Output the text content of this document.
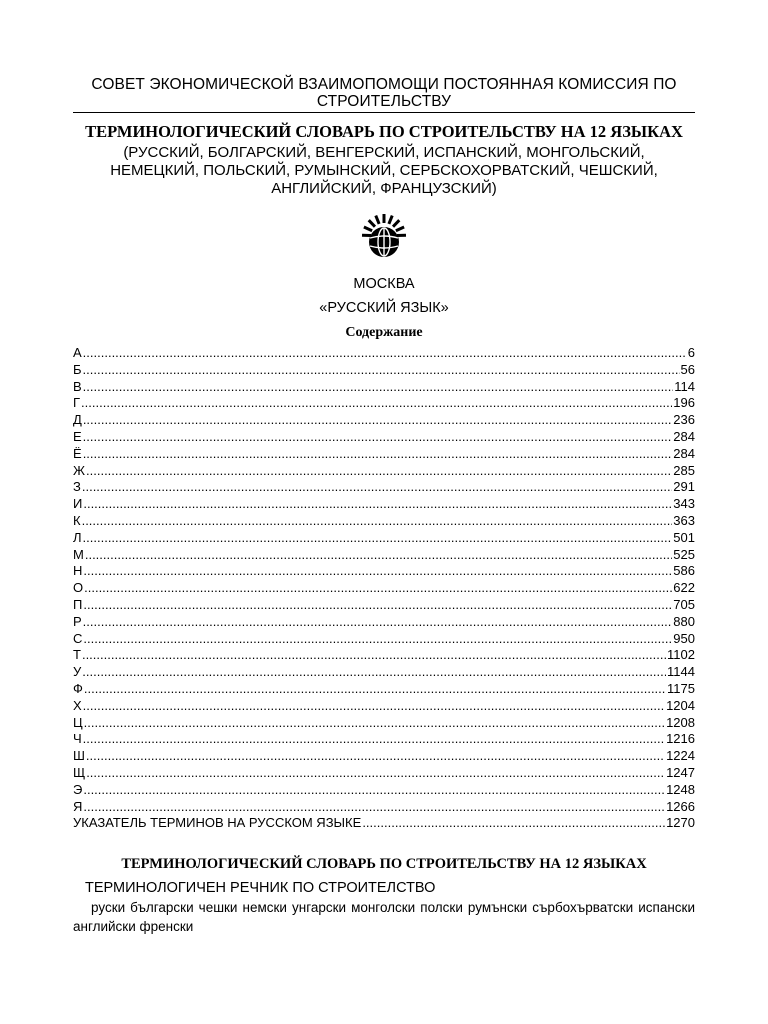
СОВЕТ ЭКОНОМИЧЕСКОЙ ВЗАИМОПОМОЩИ ПОСТОЯННАЯ КОМИССИЯ ПО СТРОИТЕЛЬСТВУ
ТЕРМИНОЛОГИЧЕСКИЙ СЛОВАРЬ ПО СТРОИТЕЛЬСТВУ НА 12 ЯЗЫКАХ
(РУССКИЙ, БОЛГАРСКИЙ, ВЕНГЕРСКИЙ, ИСПАНСКИЙ, МОНГОЛЬСКИЙ, НЕМЕЦКИЙ, ПОЛЬСКИЙ, РУМЫНСКИЙ, СЕРБСКОХОРВАТСКИЙ, ЧЕШСКИЙ, АНГЛИЙСКИЙ, ФРАНЦУЗСКИЙ)
МОСКВА
«РУССКИЙ ЯЗЫК»
Содержание
А .....	6
Б .....	56
В .....	114
Г .....	196
Д .....	236
Е .....	284
Ё .....	284
Ж .....	285
З .....	291
И .....	343
К .....	363
Л .....	501
М .....	525
Н .....	586
О .....	622
П .....	705
Р .....	880
С .....	950
Т .....	1102
У .....	1144
Ф .....	1175
Х .....	1204
Ц .....	1208
Ч .....	1216
Ш .....	1224
Щ .....	1247
Э .....	1248
Я .....	1266
УКАЗАТЕЛЬ ТЕРМИНОВ НА РУССКОМ ЯЗЫКЕ .....	1270
ТЕРМИНОЛОГИЧЕСКИЙ СЛОВАРЬ ПО СТРОИТЕЛЬСТВУ НА 12 ЯЗЫКАХ
ТЕРМИНОЛОГИЧЕН РЕЧНИК ПО СТРОИТЕЛСТВО
руски български чешки немски унгарски монголски полски румънски сърбохърватски испански английски френски
